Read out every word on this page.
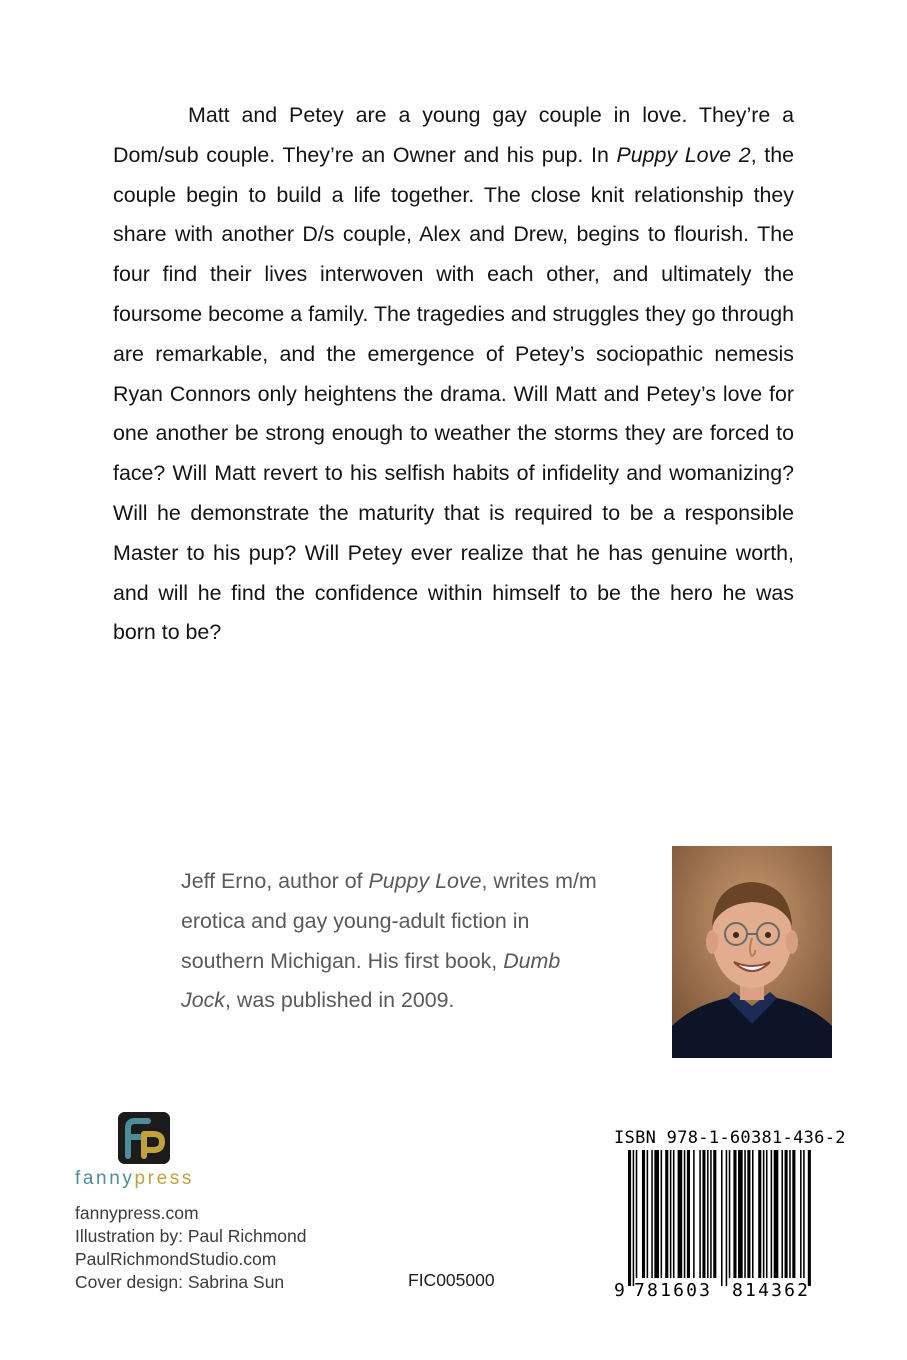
Matt and Petey are a young gay couple in love. They’re a Dom/sub couple. They’re an Owner and his pup. In Puppy Love 2, the couple begin to build a life together. The close knit relationship they share with another D/s couple, Alex and Drew, begins to flourish. The four find their lives interwoven with each other, and ultimately the foursome become a family. The tragedies and struggles they go through are remarkable, and the emergence of Petey’s sociopathic nemesis Ryan Connors only heightens the drama. Will Matt and Petey’s love for one another be strong enough to weather the storms they are forced to face? Will Matt revert to his selfish habits of infidelity and womanizing? Will he demonstrate the maturity that is required to be a responsible Master to his pup? Will Petey ever realize that he has genuine worth, and will he find the confidence within himself to be the hero he was born to be?

Jeff Erno, author of Puppy Love, writes m/m erotica and gay young-adult fiction in southern Michigan. His first book, Dumb Jock, was published in 2009.

fannypress
fannypress.com
Illustration by: Paul Richmond
PaulRichmondStudio.com
Cover design: Sabrina Sun	FIC005000
ISBN 978-1-60381-436-2
9 781603 814362
